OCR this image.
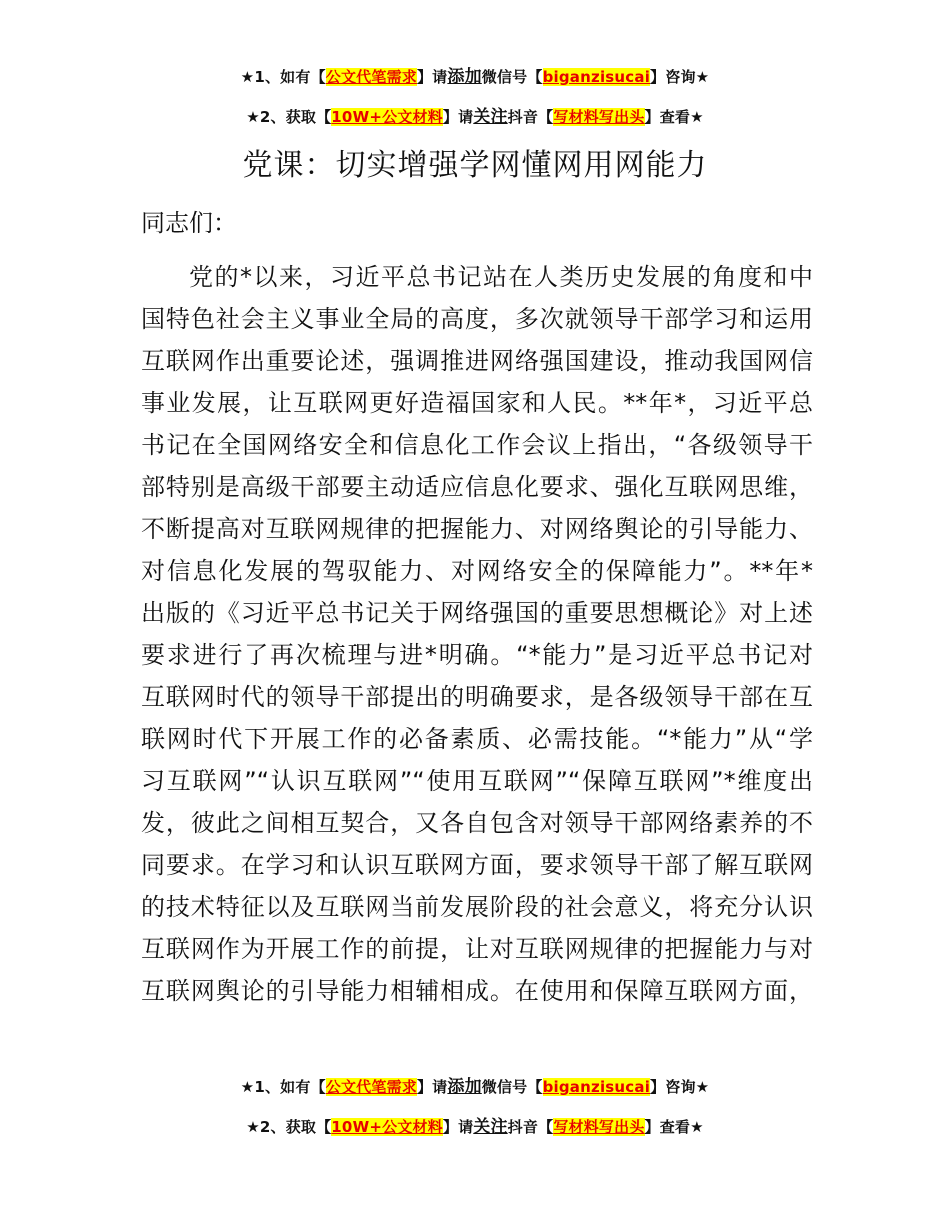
★1、如有【公文代笔需求】请添加微信号【biganzisucai】咨询★
★2、获取【10W+公文材料】请关注抖音【写材料写出头】查看★
党课：切实增强学网懂网用网能力
同志们：
党的*以来，习近平总书记站在人类历史发展的角度和中
国特色社会主义事业全局的高度，多次就领导干部学习和运用
互联网作出重要论述，强调推进网络强国建设，推动我国网信
事业发展，让互联网更好造福国家和人民。**年*，习近平总
书记在全国网络安全和信息化工作会议上指出，“各级领导干
部特别是高级干部要主动适应信息化要求、强化互联网思维，
不断提高对互联网规律的把握能力、对网络舆论的引导能力、
对信息化发展的驾驭能力、对网络安全的保障能力”。**年*
出版的《习近平总书记关于网络强国的重要思想概论》对上述
要求进行了再次梳理与进*明确。“*能力”是习近平总书记对
互联网时代的领导干部提出的明确要求，是各级领导干部在互
联网时代下开展工作的必备素质、必需技能。“*能力”从“学
习互联网”“认识互联网”“使用互联网”“保障互联网”*维度出
发，彼此之间相互契合，又各自包含对领导干部网络素养的不
同要求。在学习和认识互联网方面，要求领导干部了解互联网
的技术特征以及互联网当前发展阶段的社会意义，将充分认识
互联网作为开展工作的前提，让对互联网规律的把握能力与对
互联网舆论的引导能力相辅相成。在使用和保障互联网方面，
★1、如有【公文代笔需求】请添加微信号【biganzisucai】咨询★
★2、获取【10W+公文材料】请关注抖音【写材料写出头】查看★
